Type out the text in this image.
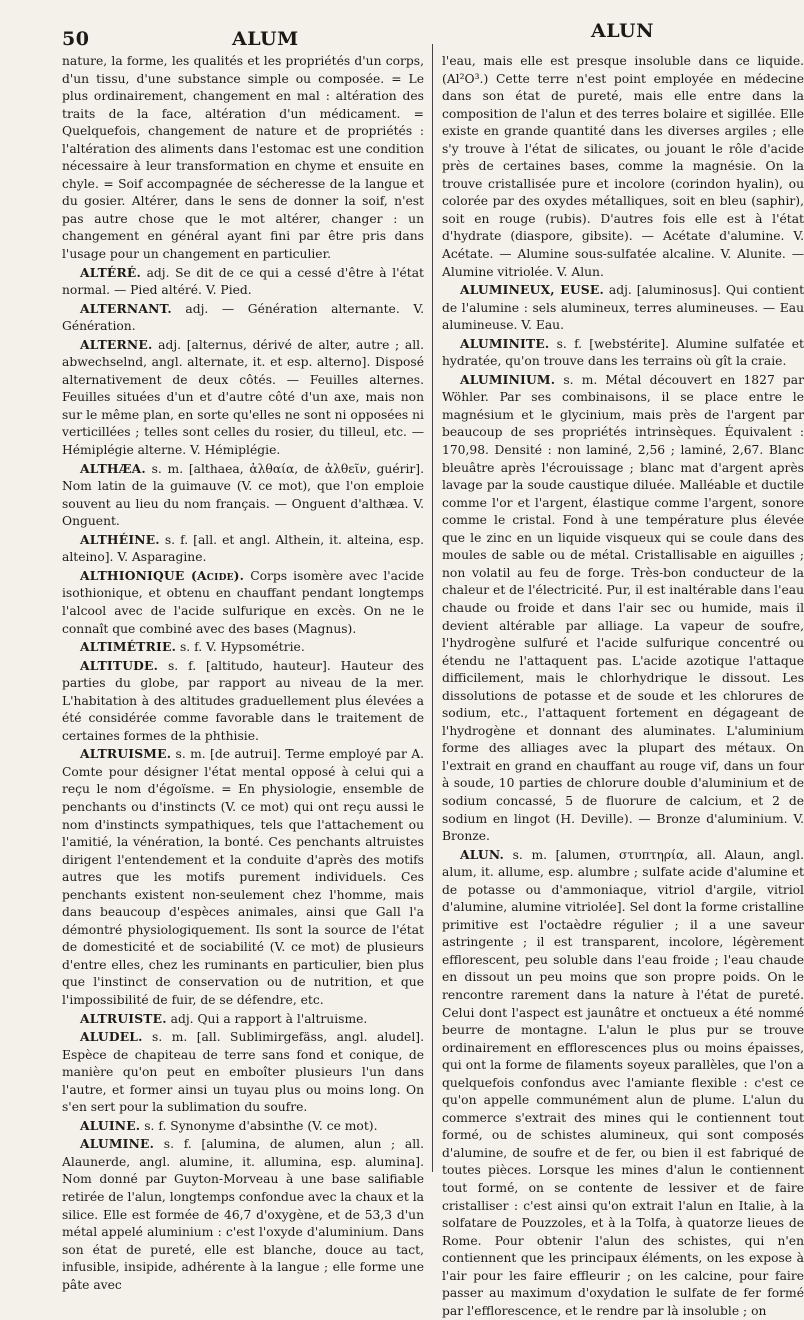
50	ALUM	ALUN

nature, la forme, les qualités et les propriétés d'un corps, d'un tissu, d'une substance simple ou composée. = Le plus ordinairement, changement en mal : altération des traits de la face, altération d'un médicament. = Quelquefois, changement de nature et de propriétés : l'altération des aliments dans l'estomac est une condition nécessaire à leur transformation en chyme et ensuite en chyle. = Soif accompagnée de sécheresse de la langue et du gosier. Altérer, dans le sens de donner la soif, n'est pas autre chose que le mot altérer, changer : un changement en général ayant fini par être pris dans l'usage pour un changement en particulier.

ALTÉRÉ. adj. Se dit de ce qui a cessé d'être à l'état normal. — Pied altéré. V. Pied.

ALTERNANT. adj. — Génération alternante. V. Génération.

ALTERNE. adj. [alternus, dérivé de alter, autre ; all. abwechselnd, angl. alternate, it. et esp. alterno]. Disposé alternativement de deux côtés. — Feuilles alternes. Feuilles situées d'un et d'autre côté d'un axe, mais non sur le même plan, en sorte qu'elles ne sont ni opposées ni verticillées ; telles sont celles du rosier, du tilleul, etc. — Hémiplégie alterne. V. Hémiplégie.

ALTHÆA. s. m. [althaea, ἀλθαία, de ἀλθεῖν, guérir]. Nom latin de la guimauve (V. ce mot), que l'on emploie souvent au lieu du nom français. — Onguent d'althæa. V. Onguent.

ALTHÉINE. s. f. [all. et angl. Althein, it. alteina, esp. alteino]. V. Asparagine.

ALTHIONIQUE (Acide). Corps isomère avec l'acide isothionique, et obtenu en chauffant pendant longtemps l'alcool avec de l'acide sulfurique en excès. On ne le connaît que combiné avec des bases (Magnus).

ALTIMÉTRIE. s. f. V. Hypsométrie.

ALTITUDE. s. f. [altitudo, hauteur]. Hauteur des parties du globe, par rapport au niveau de la mer. L'habitation à des altitudes graduellement plus élevées a été considérée comme favorable dans le traitement de certaines formes de la phthisie.

ALTRUISME. s. m. [de autrui]. Terme employé par A. Comte pour désigner l'état mental opposé à celui qui a reçu le nom d'égoïsme. = En physiologie, ensemble de penchants ou d'instincts (V. ce mot) qui ont reçu aussi le nom d'instincts sympathiques, tels que l'attachement ou l'amitié, la vénération, la bonté. Ces penchants altruistes dirigent l'entendement et la conduite d'après des motifs autres que les motifs purement individuels. Ces penchants existent non-seulement chez l'homme, mais dans beaucoup d'espèces animales, ainsi que Gall l'a démontré physiologiquement. Ils sont la source de l'état de domesticité et de sociabilité (V. ce mot) de plusieurs d'entre elles, chez les ruminants en particulier, bien plus que l'instinct de conservation ou de nutrition, et que l'impossibilité de fuir, de se défendre, etc.

ALTRUISTE. adj. Qui a rapport à l'altruisme.

ALUDEL. s. m. [all. Sublimirgefäss, angl. aludel]. Espèce de chapiteau de terre sans fond et conique, de manière qu'on peut en emboîter plusieurs l'un dans l'autre, et former ainsi un tuyau plus ou moins long. On s'en sert pour la sublimation du soufre.

ALUINE. s. f. Synonyme d'absinthe (V. ce mot).

ALUMINE. s. f. [alumina, de alumen, alun ; all. Alaunerde, angl. alumine, it. allumina, esp. alumina]. Nom donné par Guyton-Morveau à une base salifiable retirée de l'alun, longtemps confondue avec la chaux et la silice. Elle est formée de 46,7 d'oxygène, et de 53,3 d'un métal appelé aluminium : c'est l'oxyde d'aluminium. Dans son état de pureté, elle est blanche, douce au tact, infusible, insipide, adhérente à la langue ; elle forme une pâte avec

l'eau, mais elle est presque insoluble dans ce liquide. (Al²O³.) Cette terre n'est point employée en médecine dans son état de pureté, mais elle entre dans la composition de l'alun et des terres bolaire et sigillée. Elle existe en grande quantité dans les diverses argiles ; elle s'y trouve à l'état de silicates, ou jouant le rôle d'acide près de certaines bases, comme la magnésie. On la trouve cristallisée pure et incolore (corindon hyalin), ou colorée par des oxydes métalliques, soit en bleu (saphir), soit en rouge (rubis). D'autres fois elle est à l'état d'hydrate (diaspore, gibsite). — Acétate d'alumine. V. Acétate. — Alumine sous-sulfatée alcaline. V. Alunite. — Alumine vitriolée. V. Alun.

ALUMINEUX, EUSE. adj. [aluminosus]. Qui contient de l'alumine : sels alumineux, terres alumineuses. — Eau alumineuse. V. Eau.

ALUMINITE. s. f. [webstérite]. Alumine sulfatée et hydratée, qu'on trouve dans les terrains où gît la craie.

ALUMINIUM. s. m. Métal découvert en 1827 par Wöhler. Par ses combinaisons, il se place entre le magnésium et le glycinium, mais près de l'argent par beaucoup de ses propriétés intrinsèques. Équivalent : 170,98. Densité : non laminé, 2,56 ; laminé, 2,67. Blanc bleuâtre après l'écrouissage ; blanc mat d'argent après lavage par la soude caustique diluée. Malléable et ductile comme l'or et l'argent, élastique comme l'argent, sonore comme le cristal. Fond à une température plus élevée que le zinc en un liquide visqueux qui se coule dans des moules de sable ou de métal. Cristallisable en aiguilles ; non volatil au feu de forge. Très-bon conducteur de la chaleur et de l'électricité. Pur, il est inaltérable dans l'eau chaude ou froide et dans l'air sec ou humide, mais il devient altérable par alliage. La vapeur de soufre, l'hydrogène sulfuré et l'acide sulfurique concentré ou étendu ne l'attaquent pas. L'acide azotique l'attaque difficilement, mais le chlorhydrique le dissout. Les dissolutions de potasse et de soude et les chlorures de sodium, etc., l'attaquent fortement en dégageant de l'hydrogène et donnant des aluminates. L'aluminium forme des alliages avec la plupart des métaux. On l'extrait en grand en chauffant au rouge vif, dans un four à soude, 10 parties de chlorure double d'aluminium et de sodium concassé, 5 de fluorure de calcium, et 2 de sodium en lingot (H. Deville). — Bronze d'aluminium. V. Bronze.

ALUN. s. m. [alumen, στυπτηρία, all. Alaun, angl. alum, it. allume, esp. alumbre ; sulfate acide d'alumine et de potasse ou d'ammoniaque, vitriol d'argile, vitriol d'alumine, alumine vitriolée]. Sel dont la forme cristalline primitive est l'octaèdre régulier ; il a une saveur astringente ; il est transparent, incolore, légèrement efflorescent, peu soluble dans l'eau froide ; l'eau chaude en dissout un peu moins que son propre poids. On le rencontre rarement dans la nature à l'état de pureté. Celui dont l'aspect est jaunâtre et onctueux a été nommé beurre de montagne. L'alun le plus pur se trouve ordinairement en efflorescences plus ou moins épaisses, qui ont la forme de filaments soyeux parallèles, que l'on a quelquefois confondus avec l'amiante flexible : c'est ce qu'on appelle communément alun de plume. L'alun du commerce s'extrait des mines qui le contiennent tout formé, ou de schistes alumineux, qui sont composés d'alumine, de soufre et de fer, ou bien il est fabriqué de toutes pièces. Lorsque les mines d'alun le contiennent tout formé, on se contente de lessiver et de faire cristalliser : c'est ainsi qu'on extrait l'alun en Italie, à la solfatare de Pouzzoles, et à la Tolfa, à quatorze lieues de Rome. Pour obtenir l'alun des schistes, qui n'en contiennent que les principaux éléments, on les expose à l'air pour les faire effleurir ; on les calcine, pour faire passer au maximum d'oxydation le sulfate de fer formé par l'efflorescence, et le rendre par là insoluble ; on
